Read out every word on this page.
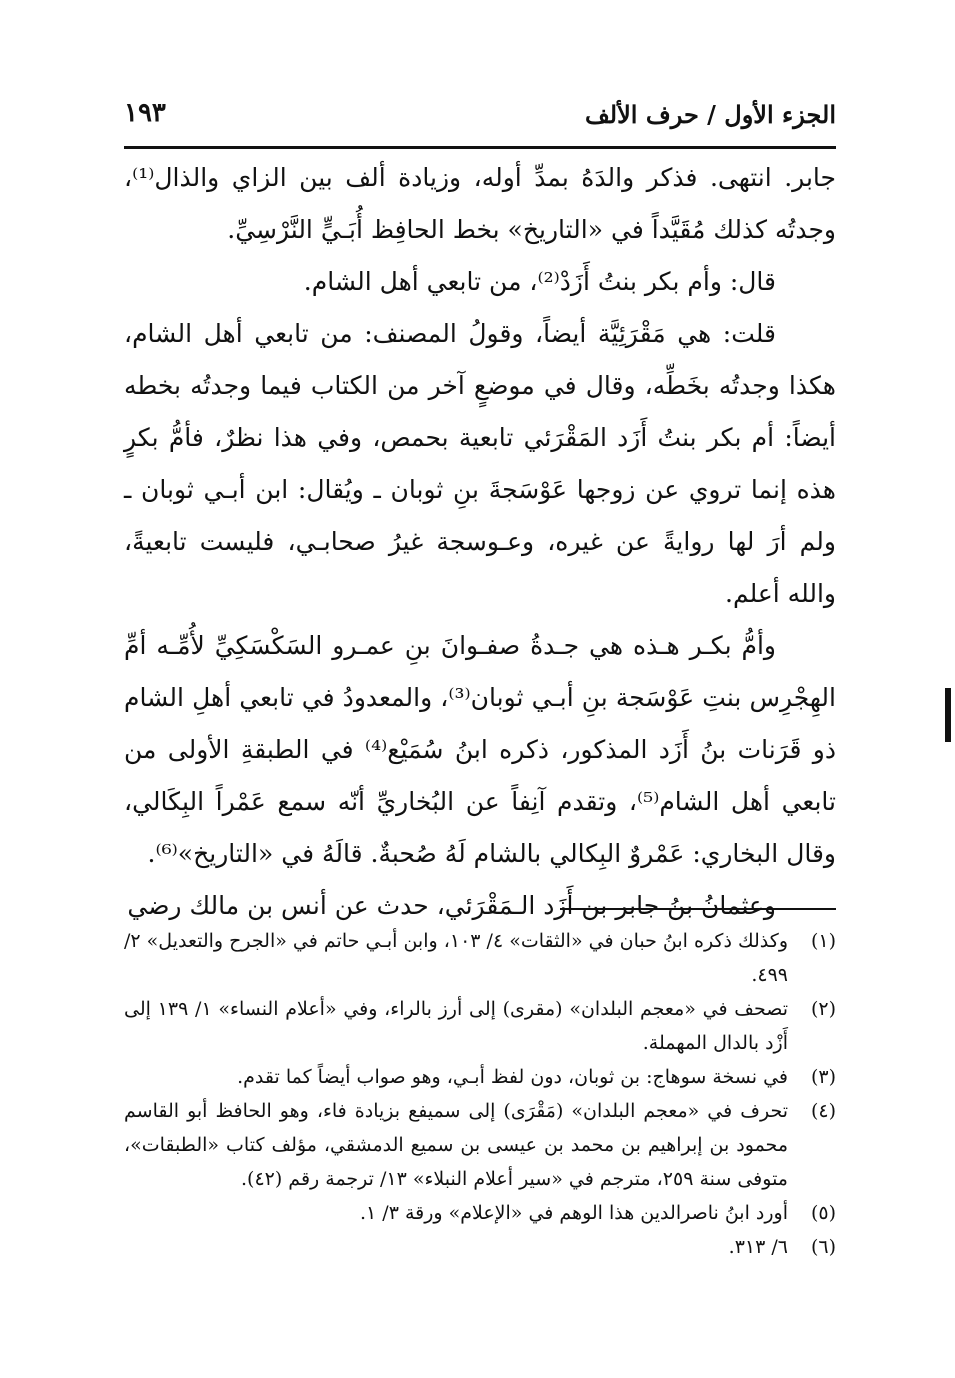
الجزء الأول / حرف الألف
١٩٣

جابر. انتهى. فذكر والدَهُ بمدِّ أوله، وزيادة ألف بين الزاي والذال⁽¹⁾، وجدتُه كذلك مُقَيَّداً في «التاريخ» بخط الحافِظ أُبَـيٍّ النَّرْسِيِّ.

قال: وأم بكر بنتُ أَزَدْ⁽²⁾، من تابعي أهل الشام.

قلت: هي مَقْرَئِيَّة أيضاً، وقولُ المصنف: من تابعي أهل الشام، هكذا وجدتُه بخَطِّه، وقال في موضعٍ آخر من الكتاب فيما وجدتُه بخطه أيضاً: أم بكر بنتُ أَزَد المَقْرَئي تابعية بحمص، وفي هذا نظرٌ، فأمُّ بكرٍ هذه إنما تروي عن زوجها عَوْسَجةَ بنِ ثوبان ـ ويُقال: ابن أبـي ثوبان ـ ولم أرَ لها روايةً عن غيره، وعـوسجة غيرُ صحابـي، فليست تابعيةً، والله أعلم.

وأمُّ بكـر هـذه هي جـدةُ صفـوانَ بنِ عمـرو السَكْسَكِيِّ لأُمِّـه أمِّ الهِجْرِس بنتِ عَوْسَجة بنِ أبـي ثوبان⁽³⁾، والمعدودُ في تابعي أهلِ الشام ذو قَرَنات بنُ أَزَد المذكور، ذكره ابنُ سُمَيْع⁽⁴⁾ في الطبقةِ الأولى من تابعي أهل الشام⁽⁵⁾، وتقدم آنِفاً عن البُخاريِّ أنّه سمع عَمْراً البِكَالي، وقال البخاري: عَمْروٌ البِكالي بالشام لَهُ صُحبةٌ. قالَهُ في «التاريخ»⁽⁶⁾.

وعثمانُ بنُ جابر بن أَزَد الـمَقْرَئي، حدث عن أنس بن مالك رضي

(١)
وكذلك ذكره ابنُ حبان في «الثقات» ٤/ ١٠٣، وابن أبـي حاتم في «الجرح والتعديل» ٢/ ٤٩٩.
(٢)
تصحف في «معجم البلدان» (مقرى) إلى أرز بالراء، وفي «أعلام النساء» ١/ ١٣٩ إلى أَزْد بالدال المهملة.
(٣)
في نسخة سوهاج: بن ثوبان، دون لفظ أبـي، وهو صواب أيضاً كما تقدم.
(٤)
تحرف في «معجم البلدان» (مَقْرَى) إلى سميفع بزيادة فاء، وهو الحافظ أبو القاسم محمود بن إبراهيم بن محمد بن عيسى بن سميع الدمشقي، مؤلف كتاب «الطبقات»، متوفى سنة ٢٥٩، مترجم في «سير أعلام النبلاء» ١٣/ ترجمة رقم (٤٢).
(٥)
أورد ابنُ ناصرالدين هذا الوهم في «الإعلام» ورقة ٣/ ١.
(٦)
٦/ ٣١٣.
